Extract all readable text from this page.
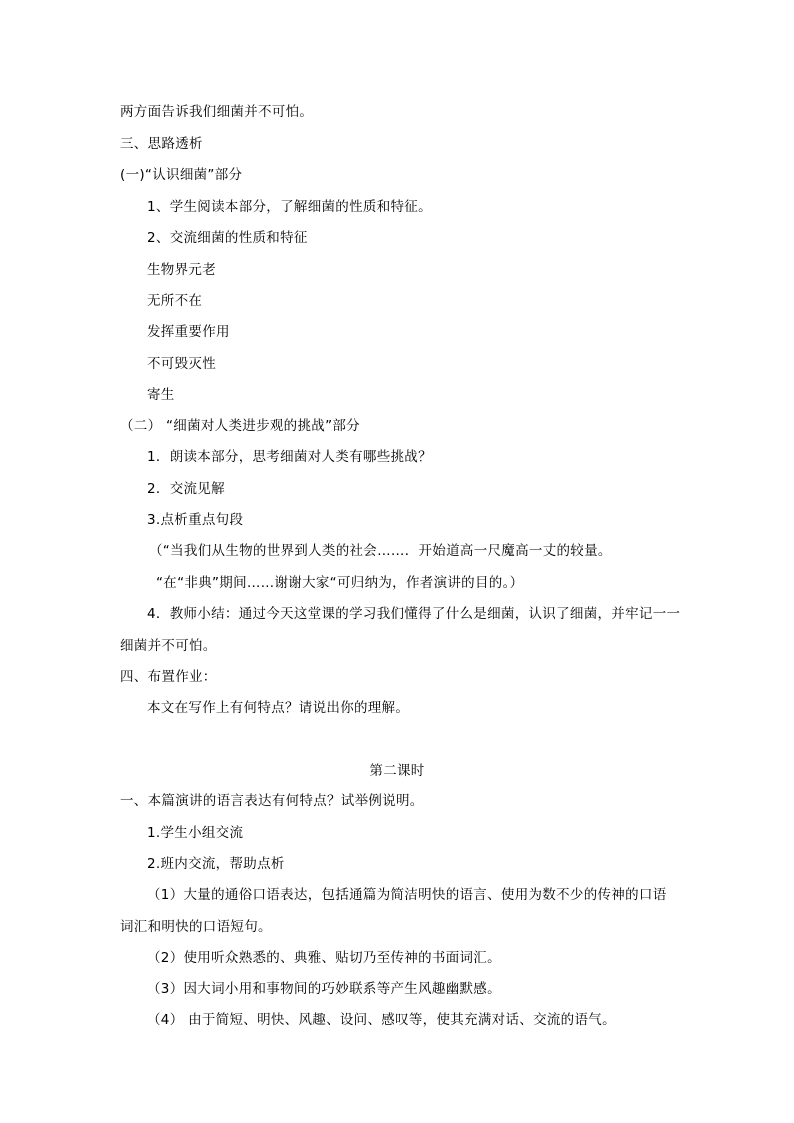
两方面告诉我们细菌并不可怕。
三、思路透析
(一)“认识细菌”部分
1、学生阅读本部分，了解细菌的性质和特征。
2、交流细菌的性质和特征
生物界元老
无所不在
发挥重要作用
不可毁灭性
寄生
（二） “细菌对人类进步观的挑战”部分
1．朗读本部分，思考细菌对人类有哪些挑战？
2．交流见解
3.点析重点句段
（“当我们从生物的世界到人类的社会……．开始道高一尺魔高一丈的较量。
“在“非典”期间……谢谢大家“可归纳为，作者演讲的目的。）
4．教师小结：通过今天这堂课的学习我们懂得了什么是细菌，认识了细菌，并牢记一一
细菌并不可怕。
四、布置作业：
本文在写作上有何特点？请说出你的理解。
第二课时
一、本篇演讲的语言表达有何特点？试举例说明。
1.学生小组交流
2.班内交流，帮助点析
（1）大量的通俗口语表达，包括通篇为简洁明快的语言、使用为数不少的传神的口语
词汇和明快的口语短句。
（2）使用听众熟悉的、典雅、贴切乃至传神的书面词汇。
（3）因大词小用和事物间的巧妙联系等产生风趣幽默感。
（4） 由于简短、明快、风趣、设问、感叹等，使其充满对话、交流的语气。
